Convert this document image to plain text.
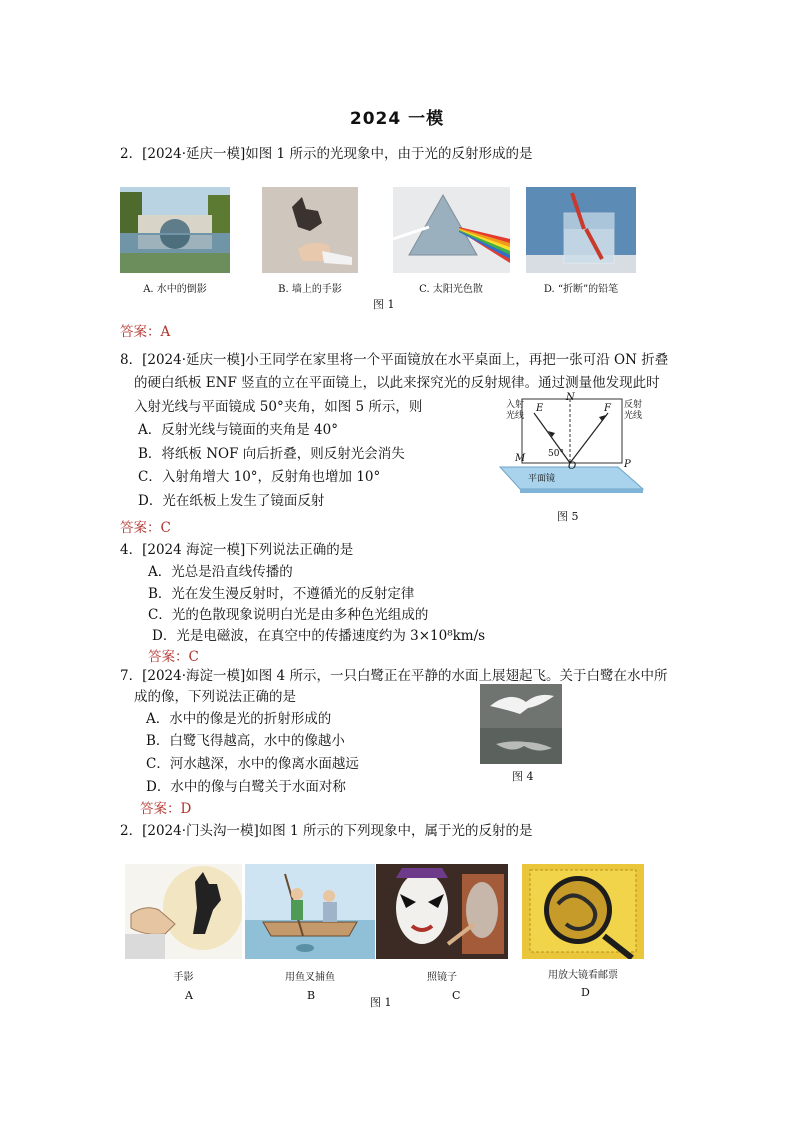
2024 一模
2．[2024·延庆一模]如图 1 所示的光现象中，由于光的反射形成的是
A. 水中的倒影	B. 墙上的手影	C. 太阳光色散	D. “折断”的铅笔
图 1
答案：A
8．[2024·延庆一模]小王同学在家里将一个平面镜放在水平桌面上，再把一张可沿 ON 折叠
的硬白纸板 ENF 竖直的立在平面镜上，以此来探究光的反射规律。通过测量他发现此时
入射光线与平面镜成 50°夹角，如图 5 所示，则
A．反射光线与镜面的夹角是 40°
B．将纸板 NOF 向后折叠，则反射光会消失
C．入射角增大 10°，反射角也增加 10°
D．光在纸板上发生了镜面反射
答案：C
入射光线
反射光线
E
N
F
M
O	P
50°
平面镜
图 5
4．[2024 海淀一模]下列说法正确的是
A．光总是沿直线传播的
B．光在发生漫反射时，不遵循光的反射定律
C．光的色散现象说明白光是由多种色光组成的
D．光是电磁波，在真空中的传播速度约为 3×10⁸km/s
答案：C
7．[2024·海淀一模]如图 4 所示，一只白鹭正在平静的水面上展翅起飞。关于白鹭在水中所
成的像，下列说法正确的是
A．水中的像是光的折射形成的
B．白鹭飞得越高，水中的像越小
C．河水越深，水中的像离水面越远
D．水中的像与白鹭关于水面对称
答案：D
图 4
2．[2024·门头沟一模]如图 1 所示的下列现象中，属于光的反射的是
手影	用鱼叉捕鱼	照镜子	用放大镜看邮票
A	B	C	D
图 1
